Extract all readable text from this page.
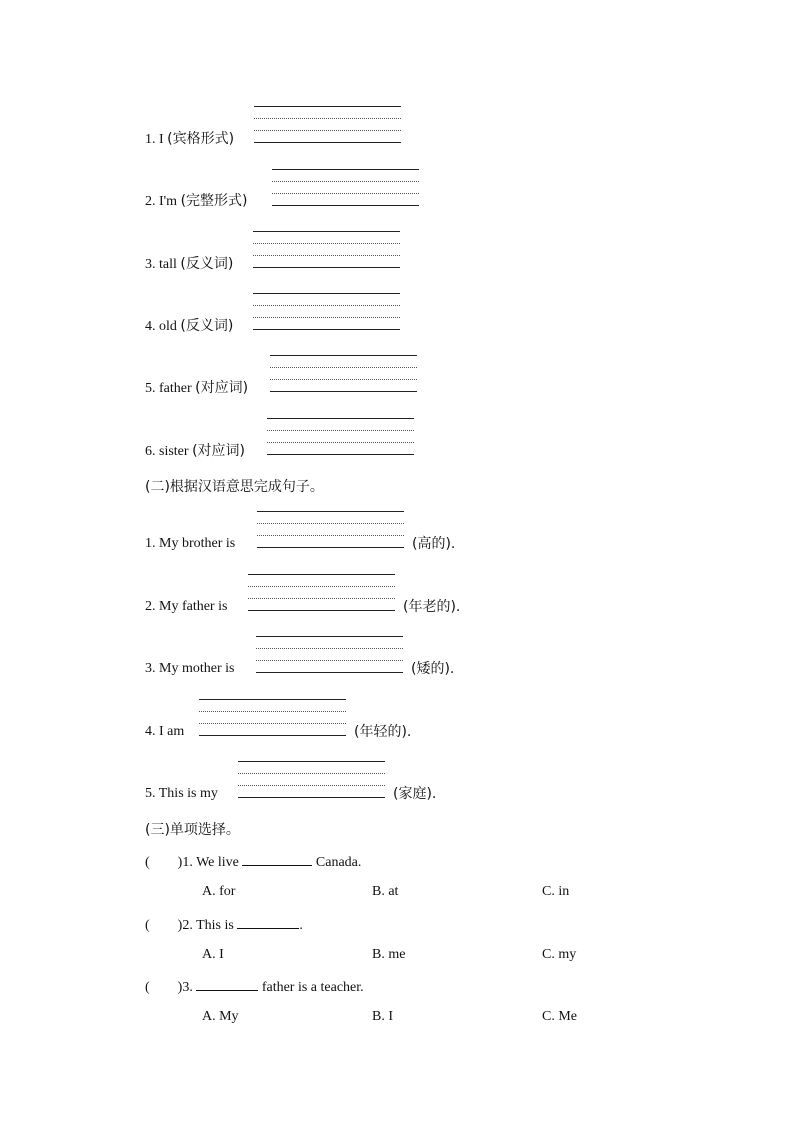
1. I (宾格形式)
2. I'm (完整形式)
3. tall (反义词)
4. old (反义词)
5. father (对应词)
6. sister (对应词)
(二)根据汉语意思完成句子。
1. My brother is	(高的).
2. My father is	(年老的).
3. My mother is	(矮的).
4. I am	(年轻的).
5. This is my	(家庭).
(三)单项选择。
(        )1. We live	Canada.
A. for	B. at	C. in
(        )2. This is	.
A. I	B. me	C. my
(        )3.	father is a teacher.
A. My	B. I	C. Me
